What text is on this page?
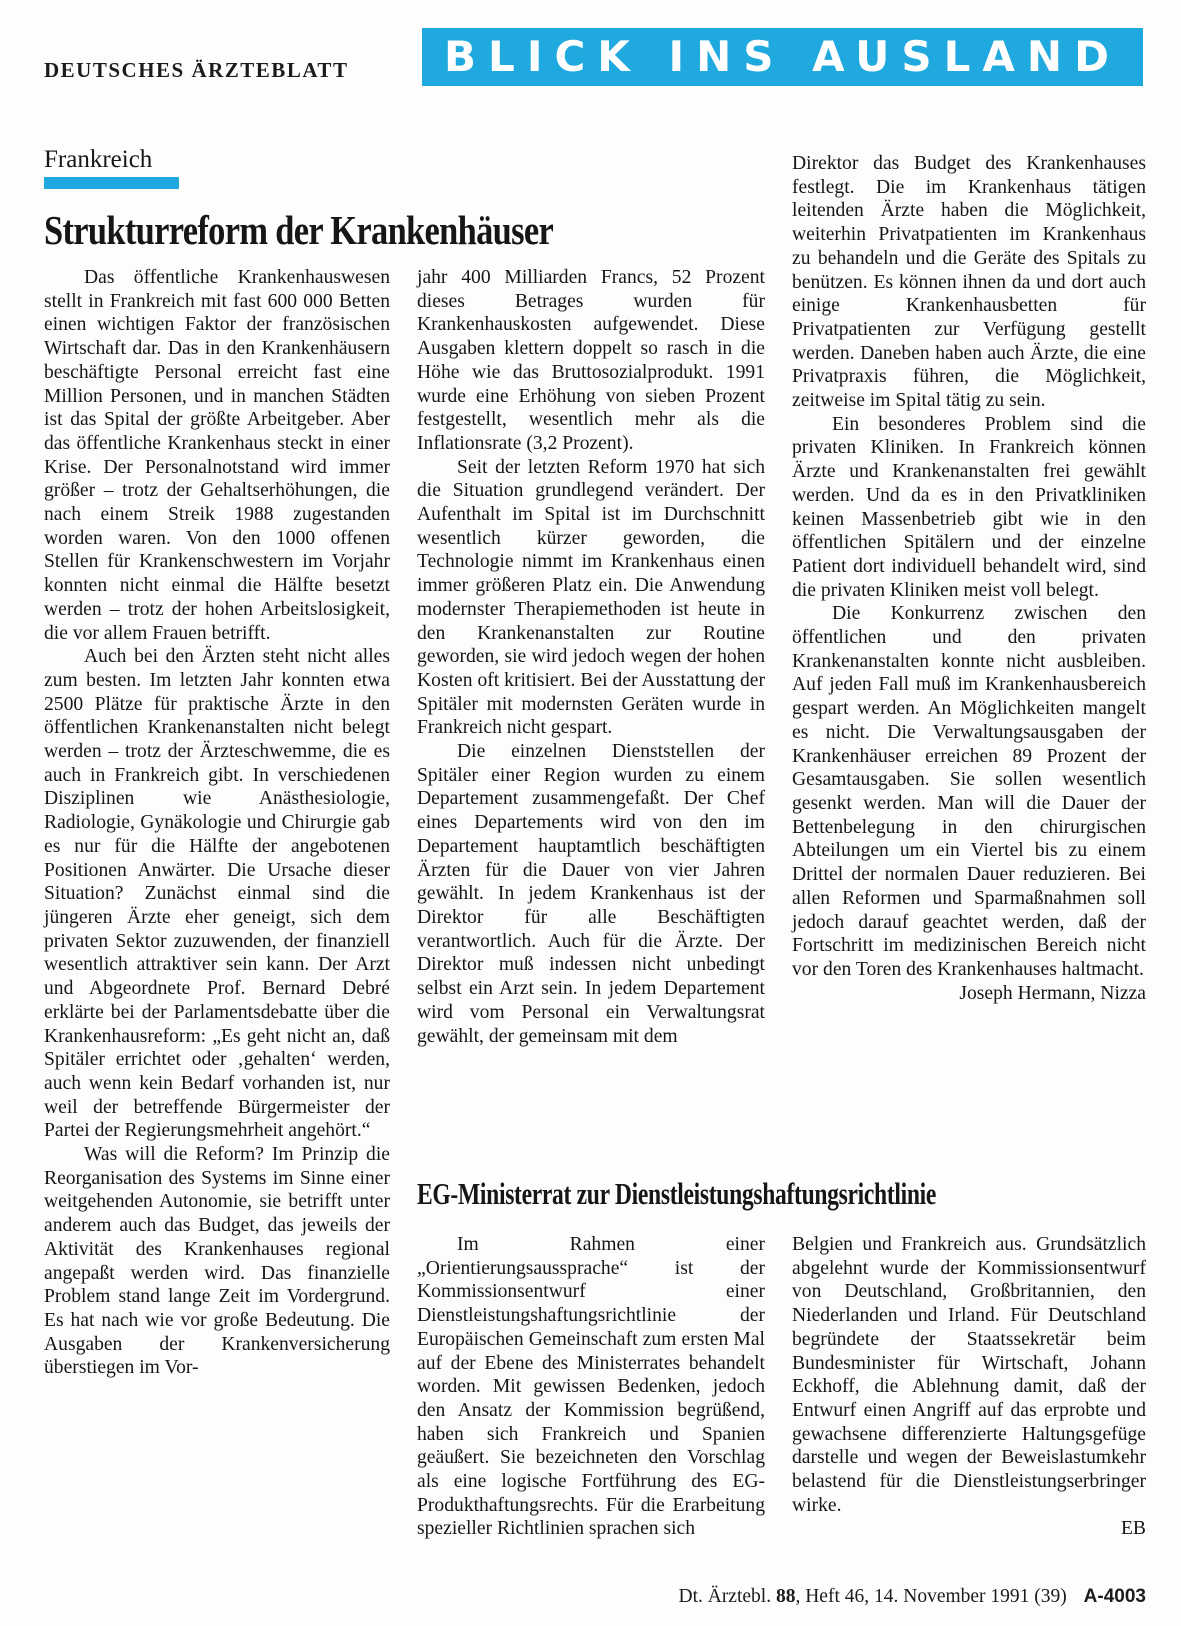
DEUTSCHES ÄRZTEBLATT	BLICK INS AUSLAND
Frankreich
Strukturreform der Krankenhäuser

Das öffentliche Krankenhauswesen stellt in Frankreich mit fast 600 000 Betten einen wichtigen Faktor der französischen Wirtschaft dar. Das in den Krankenhäusern beschäftigte Personal erreicht fast eine Million Personen, und in manchen Städten ist das Spital der größte Arbeitgeber. Aber das öffentliche Krankenhaus steckt in einer Krise. Der Personalnotstand wird immer größer – trotz der Gehaltserhöhungen, die nach einem Streik 1988 zugestanden worden waren. Von den 1000 offenen Stellen für Krankenschwestern im Vorjahr konnten nicht einmal die Hälfte besetzt werden – trotz der hohen Arbeitslosigkeit, die vor allem Frauen betrifft.

Auch bei den Ärzten steht nicht alles zum besten. Im letzten Jahr konnten etwa 2500 Plätze für praktische Ärzte in den öffentlichen Krankenanstalten nicht belegt werden – trotz der Ärzteschwemme, die es auch in Frankreich gibt. In verschiedenen Disziplinen wie Anästhesiologie, Radiologie, Gynäkologie und Chirurgie gab es nur für die Hälfte der angebotenen Positionen Anwärter. Die Ursache dieser Situation? Zunächst einmal sind die jüngeren Ärzte eher geneigt, sich dem privaten Sektor zuzuwenden, der finanziell wesentlich attraktiver sein kann. Der Arzt und Abgeordnete Prof. Bernard Debré erklärte bei der Parlamentsdebatte über die Krankenhausreform: „Es geht nicht an, daß Spitäler errichtet oder ‚gehalten‘ werden, auch wenn kein Bedarf vorhanden ist, nur weil der betreffende Bürgermeister der Partei der Regierungsmehrheit angehört.“

Was will die Reform? Im Prinzip die Reorganisation des Systems im Sinne einer weitgehenden Autonomie, sie betrifft unter anderem auch das Budget, das jeweils der Aktivität des Krankenhauses regional angepaßt werden wird. Das finanzielle Problem stand lange Zeit im Vordergrund. Es hat nach wie vor große Bedeutung. Die Ausgaben der Krankenversicherung überstiegen im Vor-

jahr 400 Milliarden Francs, 52 Prozent dieses Betrages wurden für Krankenhauskosten aufgewendet. Diese Ausgaben klettern doppelt so rasch in die Höhe wie das Bruttosozialprodukt. 1991 wurde eine Erhöhung von sieben Prozent festgestellt, wesentlich mehr als die Inflationsrate (3,2 Prozent).

Seit der letzten Reform 1970 hat sich die Situation grundlegend verändert. Der Aufenthalt im Spital ist im Durchschnitt wesentlich kürzer geworden, die Technologie nimmt im Krankenhaus einen immer größeren Platz ein. Die Anwendung modernster Therapiemethoden ist heute in den Krankenanstalten zur Routine geworden, sie wird jedoch wegen der hohen Kosten oft kritisiert. Bei der Ausstattung der Spitäler mit modernsten Geräten wurde in Frankreich nicht gespart.

Die einzelnen Dienststellen der Spitäler einer Region wurden zu einem Departement zusammengefaßt. Der Chef eines Departements wird von den im Departement hauptamtlich beschäftigten Ärzten für die Dauer von vier Jahren gewählt. In jedem Krankenhaus ist der Direktor für alle Beschäftigten verantwortlich. Auch für die Ärzte. Der Direktor muß indessen nicht unbedingt selbst ein Arzt sein. In jedem Departement wird vom Personal ein Verwaltungsrat gewählt, der gemeinsam mit dem

Direktor das Budget des Krankenhauses festlegt. Die im Krankenhaus tätigen leitenden Ärzte haben die Möglichkeit, weiterhin Privatpatienten im Krankenhaus zu behandeln und die Geräte des Spitals zu benützen. Es können ihnen da und dort auch einige Krankenhausbetten für Privatpatienten zur Verfügung gestellt werden. Daneben haben auch Ärzte, die eine Privatpraxis führen, die Möglichkeit, zeitweise im Spital tätig zu sein.

Ein besonderes Problem sind die privaten Kliniken. In Frankreich können Ärzte und Krankenanstalten frei gewählt werden. Und da es in den Privatkliniken keinen Massenbetrieb gibt wie in den öffentlichen Spitälern und der einzelne Patient dort individuell behandelt wird, sind die privaten Kliniken meist voll belegt.

Die Konkurrenz zwischen den öffentlichen und den privaten Krankenanstalten konnte nicht ausbleiben. Auf jeden Fall muß im Krankenhausbereich gespart werden. An Möglichkeiten mangelt es nicht. Die Verwaltungsausgaben der Krankenhäuser erreichen 89 Prozent der Gesamtausgaben. Sie sollen wesentlich gesenkt werden. Man will die Dauer der Bettenbelegung in den chirurgischen Abteilungen um ein Viertel bis zu einem Drittel der normalen Dauer reduzieren. Bei allen Reformen und Sparmaßnahmen soll jedoch darauf geachtet werden, daß der Fortschritt im medizinischen Bereich nicht vor den Toren des Krankenhauses haltmacht.

Joseph Hermann, Nizza

EG-Ministerrat zur Dienstleistungshaftungsrichtlinie

Im Rahmen einer „Orientierungsaussprache“ ist der Kommissionsentwurf einer Dienstleistungshaftungsrichtlinie der Europäischen Gemeinschaft zum ersten Mal auf der Ebene des Ministerrates behandelt worden. Mit gewissen Bedenken, jedoch den Ansatz der Kommission begrüßend, haben sich Frankreich und Spanien geäußert. Sie bezeichneten den Vorschlag als eine logische Fortführung des EG-Produkthaftungsrechts. Für die Erarbeitung spezieller Richtlinien sprachen sich

Belgien und Frankreich aus. Grundsätzlich abgelehnt wurde der Kommissionsentwurf von Deutschland, Großbritannien, den Niederlanden und Irland. Für Deutschland begründete der Staatssekretär beim Bundesminister für Wirtschaft, Johann Eckhoff, die Ablehnung damit, daß der Entwurf einen Angriff auf das erprobte und gewachsene differenzierte Haltungsgefüge darstelle und wegen der Beweislastumkehr belastend für die Dienstleistungserbringer wirke.

EB

Dt. Ärztebl. 88, Heft 46, 14. November 1991 (39) A-4003
